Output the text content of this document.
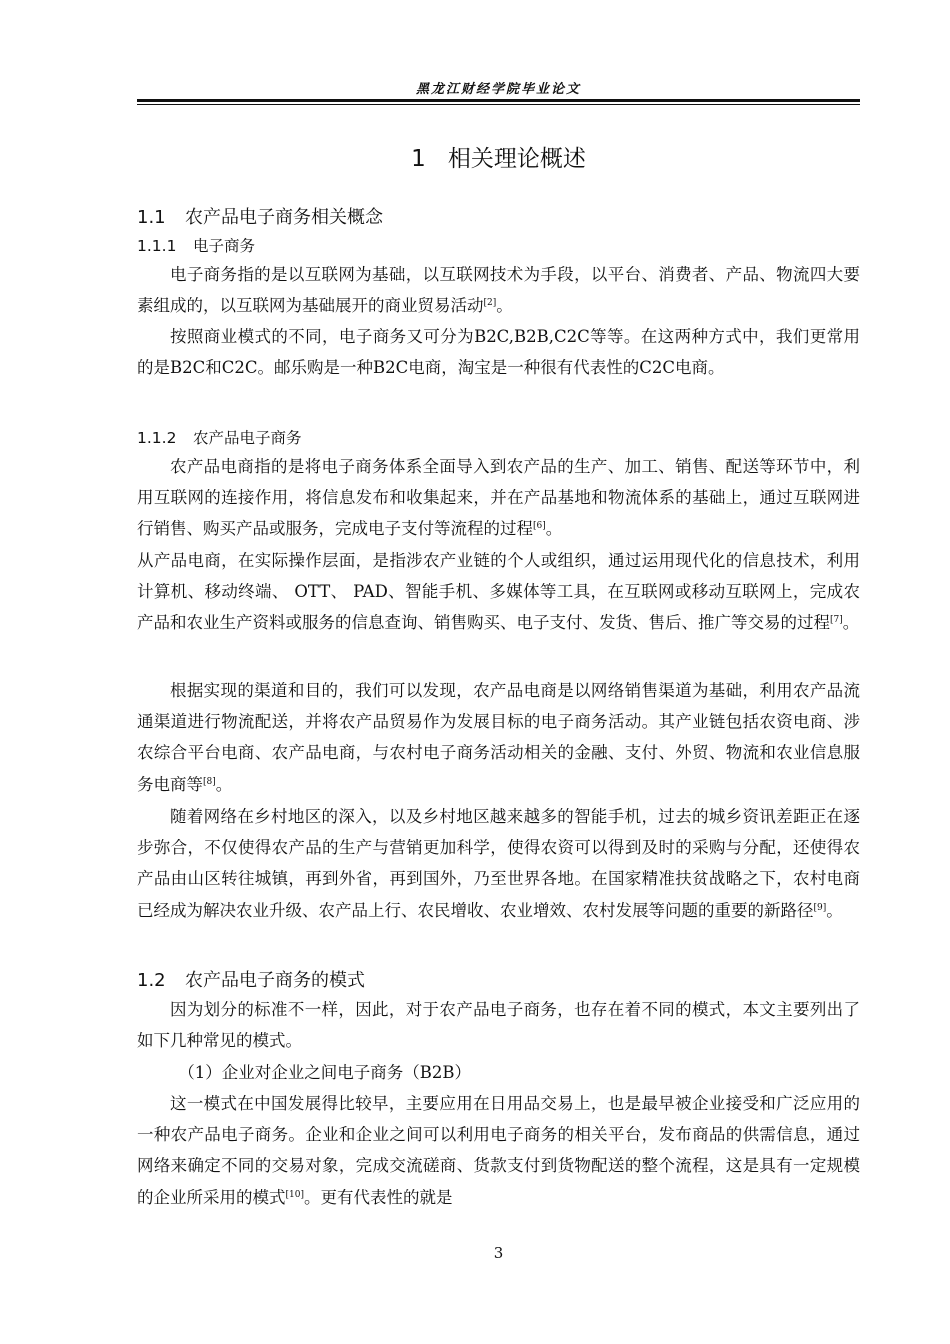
黑龙江财经学院毕业论文
1 相关理论概述
1.1 农产品电子商务相关概念
1.1.1 电子商务

电子商务指的是以互联网为基础，以互联网技术为手段，以平台、消费者、产品、物流四大要素组成的，以互联网为基础展开的商业贸易活动[2]。

按照商业模式的不同，电子商务又可分为B2C,B2B,C2C等等。在这两种方式中，我们更常用的是B2C和C2C。邮乐购是一种B2C电商，淘宝是一种很有代表性的C2C电商。

1.1.2 农产品电子商务

农产品电商指的是将电子商务体系全面导入到农产品的生产、加工、销售、配送等环节中，利用互联网的连接作用，将信息发布和收集起来，并在产品基地和物流体系的基础上，通过互联网进行销售、购买产品或服务，完成电子支付等流程的过程[6]。

从产品电商，在实际操作层面，是指涉农产业链的个人或组织，通过运用现代化的信息技术，利用计算机、移动终端、 OTT、 PAD、智能手机、多媒体等工具，在互联网或移动互联网上，完成农产品和农业生产资料或服务的信息查询、销售购买、电子支付、发货、售后、推广等交易的过程[7]。

根据实现的渠道和目的，我们可以发现，农产品电商是以网络销售渠道为基础，利用农产品流通渠道进行物流配送，并将农产品贸易作为发展目标的电子商务活动。其产业链包括农资电商、涉农综合平台电商、农产品电商，与农村电子商务活动相关的金融、支付、外贸、物流和农业信息服务电商等[8]。

随着网络在乡村地区的深入，以及乡村地区越来越多的智能手机，过去的城乡资讯差距正在逐步弥合，不仅使得农产品的生产与营销更加科学，使得农资可以得到及时的采购与分配，还使得农产品由山区转往城镇，再到外省，再到国外，乃至世界各地。在国家精准扶贫战略之下，农村电商已经成为解决农业升级、农产品上行、农民增收、农业增效、农村发展等问题的重要的新路径[9]。

1.2 农产品电子商务的模式

因为划分的标准不一样，因此，对于农产品电子商务，也存在着不同的模式，本文主要列出了如下几种常见的模式。

（1）企业对企业之间电子商务（B2B）

这一模式在中国发展得比较早，主要应用在日用品交易上，也是最早被企业接受和广泛应用的一种农产品电子商务。企业和企业之间可以利用电子商务的相关平台，发布商品的供需信息，通过网络来确定不同的交易对象，完成交流磋商、货款支付到货物配送的整个流程，这是具有一定规模的企业所采用的模式[10]。更有代表性的就是

3
